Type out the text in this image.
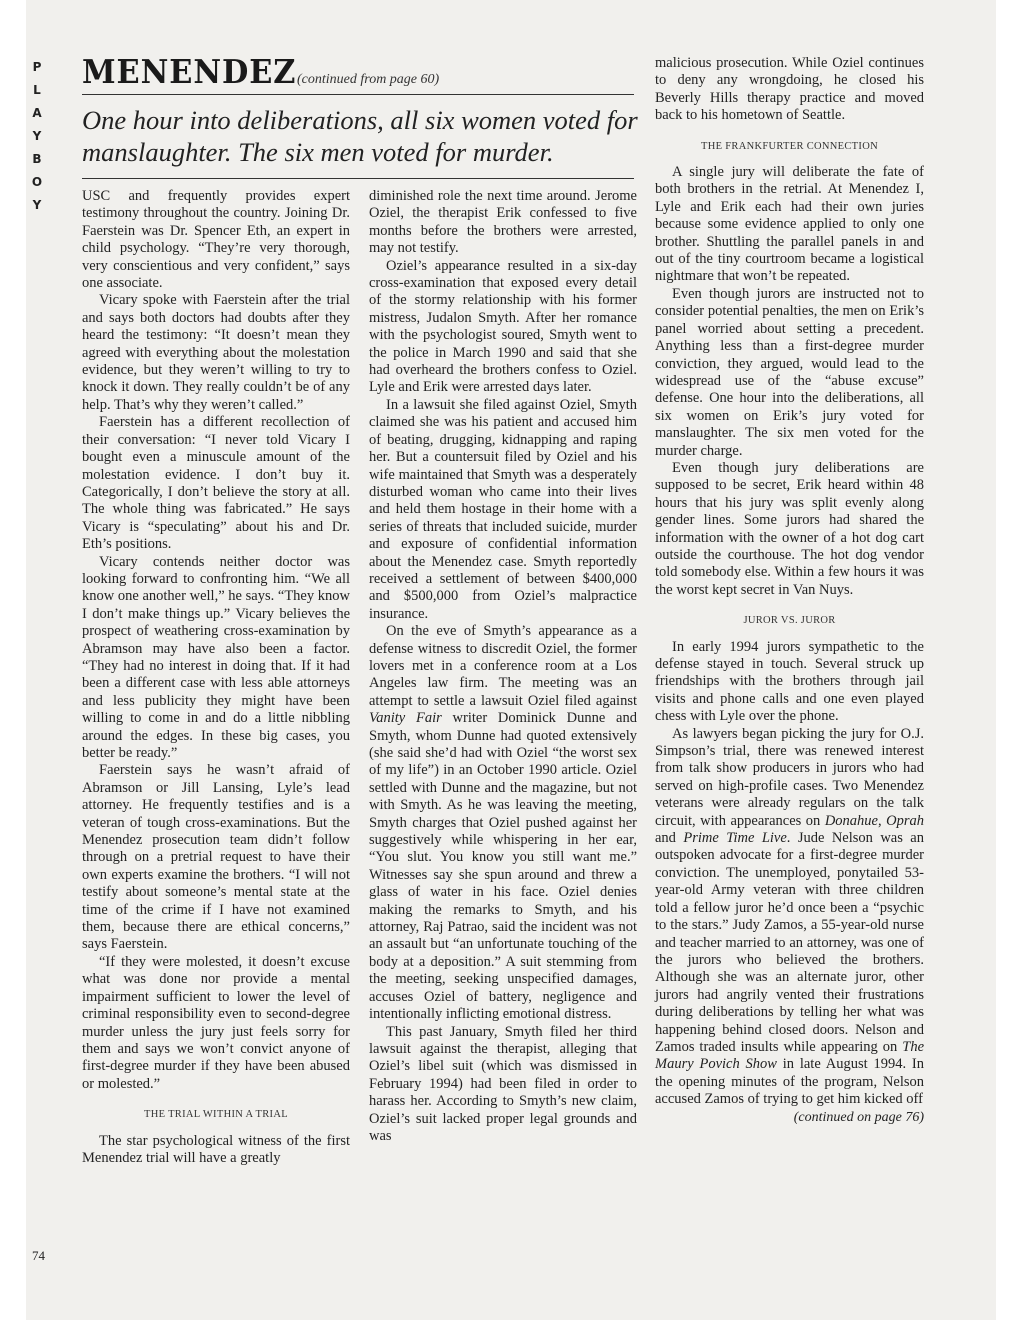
P
L
A
Y
B
O
Y
MENENDEZ (continued from page 60)
One hour into deliberations, all six women voted for manslaughter. The six men voted for murder.

USC and frequently provides expert testimony throughout the country. Joining Dr. Faerstein was Dr. Spencer Eth, an expert in child psychology. “They’re very thorough, very conscientious and very confident,” says one associate.

Vicary spoke with Faerstein after the trial and says both doctors had doubts after they heard the testimony: “It doesn’t mean they agreed with everything about the molestation evidence, but they weren’t willing to try to knock it down. They really couldn’t be of any help. That’s why they weren’t called.”

Faerstein has a different recollection of their conversation: “I never told Vicary I bought even a minuscule amount of the molestation evidence. I don’t buy it. Categorically, I don’t believe the story at all. The whole thing was fabricated.” He says Vicary is “speculating” about his and Dr. Eth’s positions.

Vicary contends neither doctor was looking forward to confronting him. “We all know one another well,” he says. “They know I don’t make things up.” Vicary believes the prospect of weathering cross-examination by Abramson may have also been a factor. “They had no interest in doing that. If it had been a different case with less able attorneys and less publicity they might have been willing to come in and do a little nibbling around the edges. In these big cases, you better be ready.”

Faerstein says he wasn’t afraid of Abramson or Jill Lansing, Lyle’s lead attorney. He frequently testifies and is a veteran of tough cross-examinations. But the Menendez prosecution team didn’t follow through on a pretrial request to have their own experts examine the brothers. “I will not testify about someone’s mental state at the time of the crime if I have not examined them, because there are ethical concerns,” says Faerstein.

“If they were molested, it doesn’t excuse what was done nor provide a mental impairment sufficient to lower the level of criminal responsibility even to second-degree murder unless the jury just feels sorry for them and says we won’t convict anyone of first-degree murder if they have been abused or molested.”

THE TRIAL WITHIN A TRIAL

The star psychological witness of the first Menendez trial will have a greatly

diminished role the next time around. Jerome Oziel, the therapist Erik confessed to five months before the brothers were arrested, may not testify.

Oziel’s appearance resulted in a six-day cross-examination that exposed every detail of the stormy relationship with his former mistress, Judalon Smyth. After her romance with the psychologist soured, Smyth went to the police in March 1990 and said that she had overheard the brothers confess to Oziel. Lyle and Erik were arrested days later.

In a lawsuit she filed against Oziel, Smyth claimed she was his patient and accused him of beating, drugging, kidnapping and raping her. But a countersuit filed by Oziel and his wife maintained that Smyth was a desperately disturbed woman who came into their lives and held them hostage in their home with a series of threats that included suicide, murder and exposure of confidential information about the Menendez case. Smyth reportedly received a settlement of between $400,000 and $500,000 from Oziel’s malpractice insurance.

On the eve of Smyth’s appearance as a defense witness to discredit Oziel, the former lovers met in a conference room at a Los Angeles law firm. The meeting was an attempt to settle a lawsuit Oziel filed against Vanity Fair writer Dominick Dunne and Smyth, whom Dunne had quoted extensively (she said she’d had with Oziel “the worst sex of my life”) in an October 1990 article. Oziel settled with Dunne and the magazine, but not with Smyth. As he was leaving the meeting, Smyth charges that Oziel pushed against her suggestively while whispering in her ear, “You slut. You know you still want me.” Witnesses say she spun around and threw a glass of water in his face. Oziel denies making the remarks to Smyth, and his attorney, Raj Patrao, said the incident was not an assault but “an unfortunate touching of the body at a deposition.” A suit stemming from the meeting, seeking unspecified damages, accuses Oziel of battery, negligence and intentionally inflicting emotional distress.

This past January, Smyth filed her third lawsuit against the therapist, alleging that Oziel’s libel suit (which was dismissed in February 1994) had been filed in order to harass her. According to Smyth’s new claim, Oziel’s suit lacked proper legal grounds and was

malicious prosecution. While Oziel continues to deny any wrongdoing, he closed his Beverly Hills therapy practice and moved back to his hometown of Seattle.

THE FRANKFURTER CONNECTION

A single jury will deliberate the fate of both brothers in the retrial. At Menendez I, Lyle and Erik each had their own juries because some evidence applied to only one brother. Shuttling the parallel panels in and out of the tiny courtroom became a logistical nightmare that won’t be repeated.

Even though jurors are instructed not to consider potential penalties, the men on Erik’s panel worried about setting a precedent. Anything less than a first-degree murder conviction, they argued, would lead to the widespread use of the “abuse excuse” defense. One hour into the deliberations, all six women on Erik’s jury voted for manslaughter. The six men voted for the murder charge.

Even though jury deliberations are supposed to be secret, Erik heard within 48 hours that his jury was split evenly along gender lines. Some jurors had shared the information with the owner of a hot dog cart outside the courthouse. The hot dog vendor told somebody else. Within a few hours it was the worst kept secret in Van Nuys.

JUROR VS. JUROR

In early 1994 jurors sympathetic to the defense stayed in touch. Several struck up friendships with the brothers through jail visits and phone calls and one even played chess with Lyle over the phone.

As lawyers began picking the jury for O.J. Simpson’s trial, there was renewed interest from talk show producers in jurors who had served on high-profile cases. Two Menendez veterans were already regulars on the talk circuit, with appearances on Donahue, Oprah and Prime Time Live. Jude Nelson was an outspoken advocate for a first-degree murder conviction. The unemployed, ponytailed 53-year-old Army veteran with three children told a fellow juror he’d once been a “psychic to the stars.” Judy Zamos, a 55-year-old nurse and teacher married to an attorney, was one of the jurors who believed the brothers. Although she was an alternate juror, other jurors had angrily vented their frustrations during deliberations by telling her what was happening behind closed doors. Nelson and Zamos traded insults while appearing on The Maury Povich Show in late August 1994. In the opening minutes of the program, Nelson accused Zamos of trying to get him kicked off

(continued on page 76)
74
